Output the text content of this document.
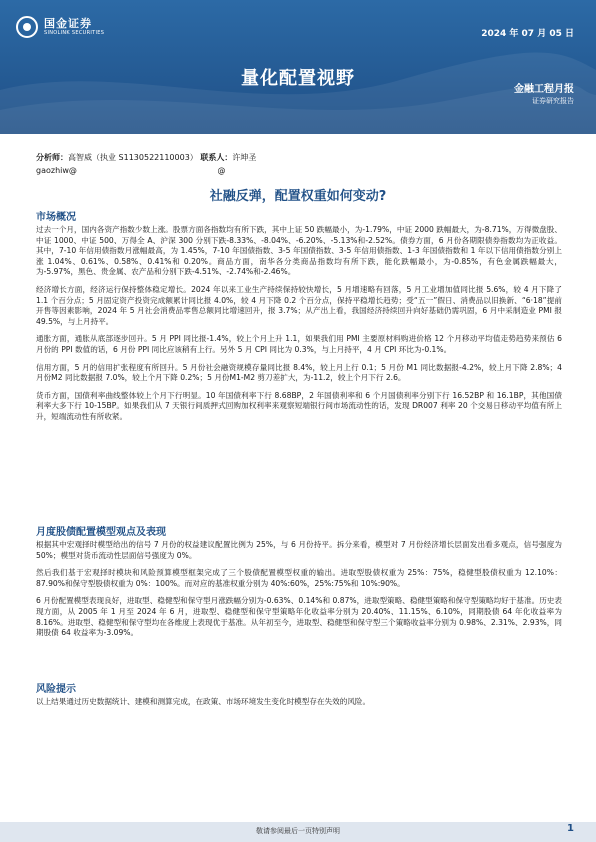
国金证券
SINOLINK SECURITIES	2024 年 07 月 05 日
量化配置视野
金融工程月报
证券研究报告
分析师：高智威（执业 S1130522110003） 联系人：许坤圣
gaozhiw@	@
社融反弹，配置权重如何变动?
市场概况

过去一个月，国内各资产指数少数上涨。股票方面各指数均有所下跌，其中上证 50 跌幅最小，为-1.79%，中证 2000 跌幅最大，为-8.71%，万得微盘股、中证 1000、中证 500、万得全 A、沪深 300 分别下跌-8.33%、-8.04%、-6.20%、-5.13%和-2.52%。债券方面，6 月份各期限债券指数均为正收益。其中，7-10 年信用债指数月涨幅最高，为 1.45%，7-10 年国债指数、3-5 年国债指数、3-5 年信用债指数、1-3 年国债指数和 1 年以下信用债指数分别上涨 1.04%、0.61%、0.58%、0.41%和 0.20%。商品方面，南华各分类商品指数均有所下跌，能化跌幅最小，为-0.85%，有色金属跌幅最大，为-5.97%，黑色、贵金属、农产品和分别下跌-4.51%、-2.74%和-2.46%。

经济增长方面，经济运行保持整体稳定增长。2024 年以来工业生产持续保持较快增长，5 月增速略有回落，5 月工业增加值同比报 5.6%，较 4 月下降了 1.1 个百分点；5 月固定资产投资完成额累计同比报 4.0%，较 4 月下降 0.2 个百分点，保持平稳增长趋势；受“五一”假日、消费品以旧换新、“6·18”提前开售等因素影响，2024 年 5 月社会消费品零售总额同比增速回升，报 3.7%；从产出上看，我国经济持续回升向好基础仍需巩固，6 月中采制造业 PMI 报 49.5%，与上月持平。

通胀方面，通胀从底部逐步回升。5 月 PPI 同比报-1.4%，较上个月上升 1.1，如果我们用 PMI 主要原材料购进价格 12 个月移动平均值走势趋势来预估 6 月份的 PPI 数值的话，6 月份 PPI 同比应该稍有上行。另外 5 月 CPI 同比为 0.3%，与上月持平，4 月 CPI 环比为-0.1%。

信用方面，5 月的信用扩张程度有所回升。5 月份社会融资规模存量同比报 8.4%，较上月上行 0.1；5 月份 M1 同比数据报-4.2%，较上月下降 2.8%；4 月份M2 同比数据报 7.0%，较上个月下降 0.2%；5 月份M1-M2 剪刀差扩大，为-11.2，较上个月下行 2.6。

货币方面，国债利率曲线整体较上个月下行明显。10 年国债利率下行 8.68BP，2 年国债利率和 6 个月国债利率分别下行 16.52BP 和 16.1BP，其他国债利率大多下行 10-15BP。如果我们从 7 天银行间质押式回购加权利率来观察短端银行间市场流动性的话，发现 DR007 利率 20 个交易日移动平均值有所上升，短端流动性有所收紧。

月度股债配置模型观点及表现

根据其中宏观择时模型给出的信号 7 月份的权益建议配置比例为 25%，与 6 月份持平。拆分来看，模型对 7 月份经济增长层面发出看多观点，信号强度为 50%；模型对货币流动性层面信号强度为 0%。

然后我们基于宏观择时模块和风险预算模型框架完成了三个股债配置模型权重的输出。进取型股债权重为 25%：75%，稳健型股债权重为 12.10%：87.90%和保守型股债权重为 0%：100%。而对应的基准权重分别为 40%:60%，25%:75%和 10%:90%。

6 月份配置模型表现良好，进取型、稳健型和保守型月涨跌幅分别为-0.63%、0.14%和 0.87%，进取型策略、稳健型策略和保守型策略均好于基准。历史表现方面，从 2005 年 1 月至 2024 年 6 月，进取型、稳健型和保守型策略年化收益率分别为 20.40%、11.15%、6.10%，同期股债 64 年化收益率为 8.16%。进取型、稳健型和保守型均在各维度上表现优于基准。从年初至今，进取型、稳健型和保守型三个策略收益率分别为 0.98%、2.31%、2.93%，同期股债 64 收益率为-3.09%。

风险提示

以上结果通过历史数据统计、建模和测算完成，在政策、市场环境发生变化时模型存在失效的风险。

敬请参阅最后一页特别声明	1
